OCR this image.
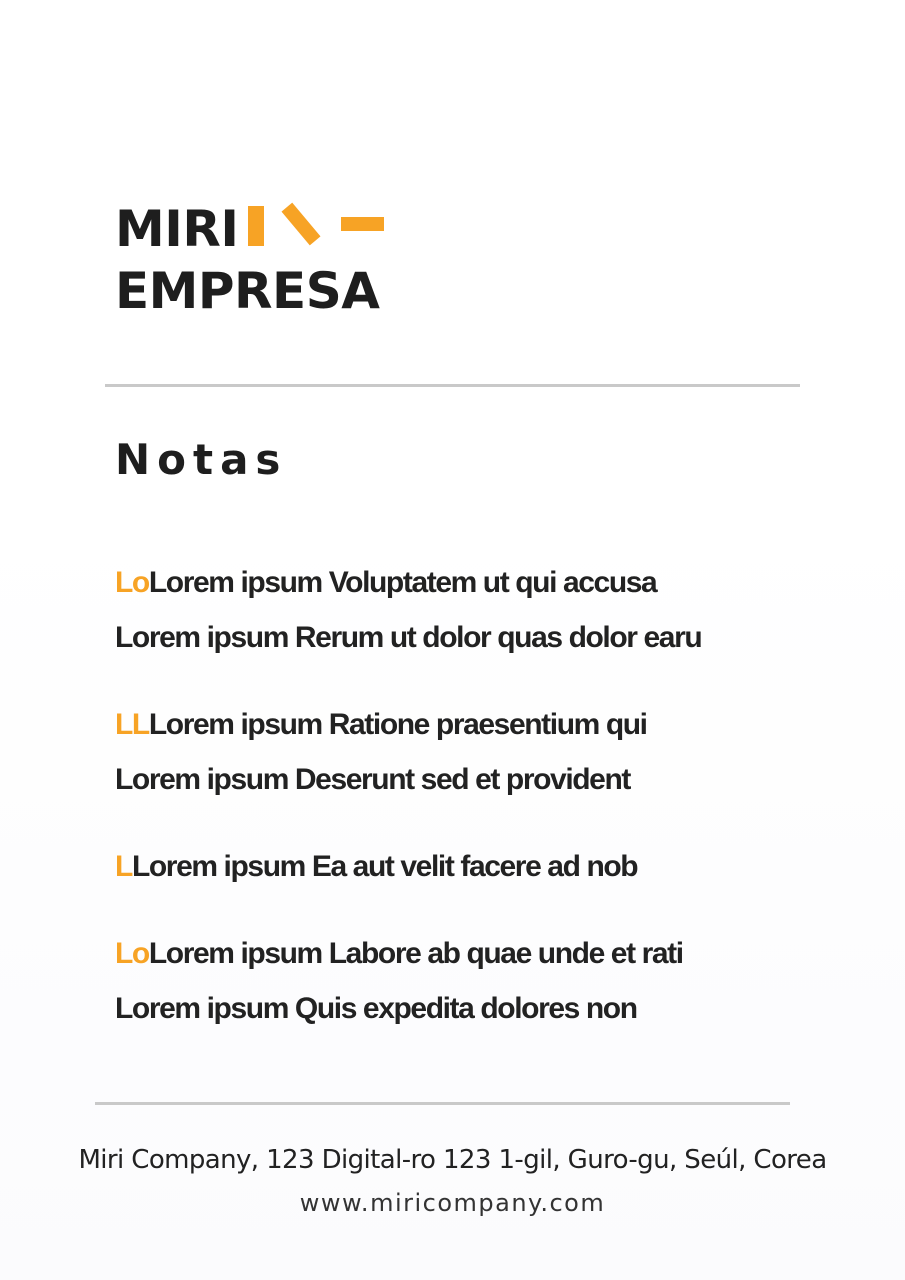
MIRI
EMPRESA
Notas
LoLorem ipsum Voluptatem ut qui accusa
Lorem ipsum Rerum ut dolor quas dolor earu
LLLorem ipsum Ratione praesentium qui
Lorem ipsum Deserunt sed et provident
LLorem ipsum Ea aut velit facere ad nob
LoLorem ipsum Labore ab quae unde et rati
Lorem ipsum Quis expedita dolores non
Miri Company, 123 Digital-ro 123 1-gil, Guro-gu, Seúl, Corea
www.miricompany.com
